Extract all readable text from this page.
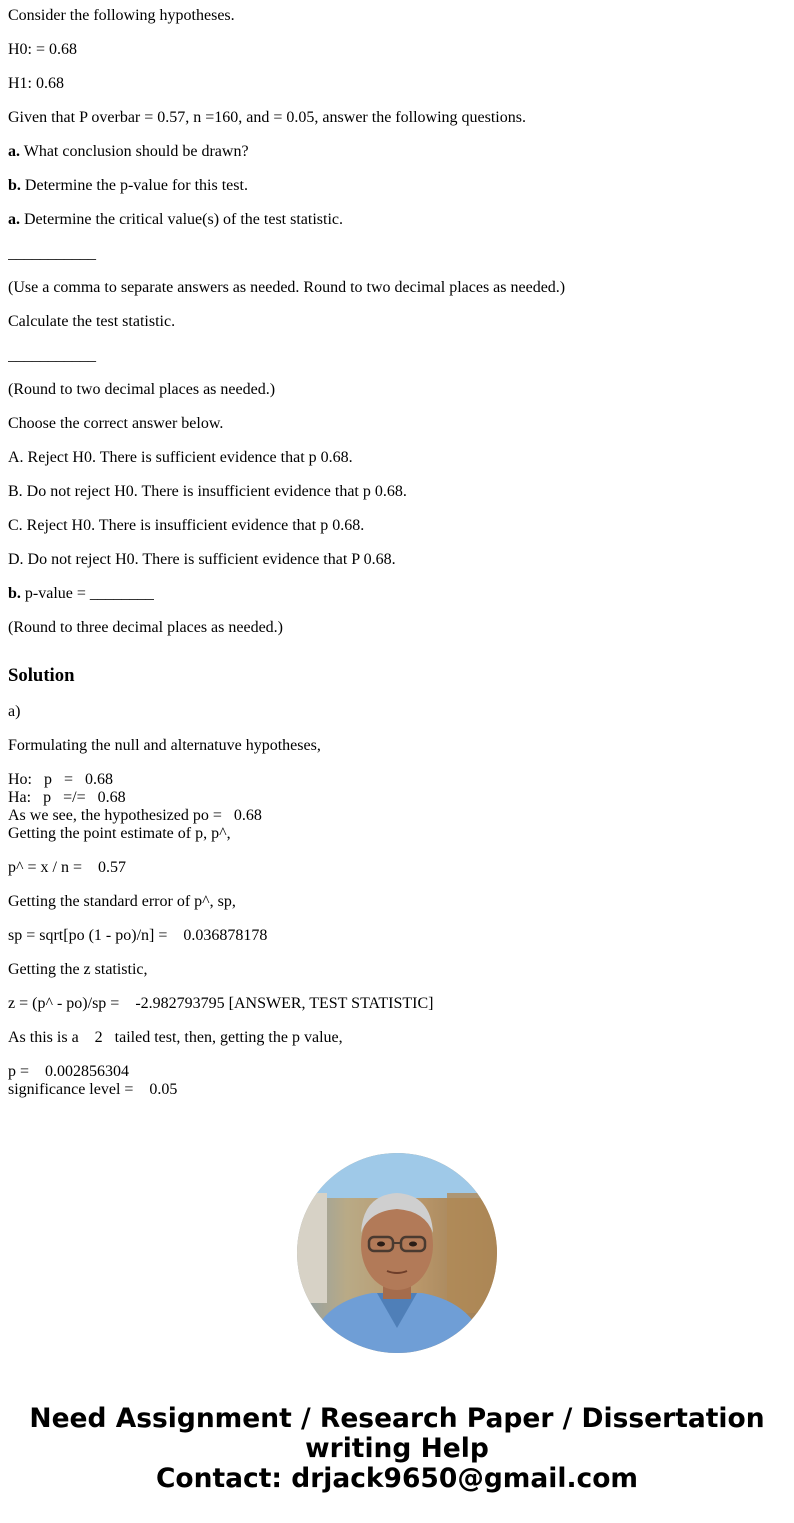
Consider the following hypotheses.

H0: = 0.68

H1: 0.68

Given that P overbar = 0.57, n =160, and = 0.05, answer the following questions.

a. What conclusion should be drawn?

b. Determine the p-value for this test.

a. Determine the critical value(s) of the test statistic.

___________

(Use a comma to separate answers as needed. Round to two decimal places as needed.)

Calculate the test statistic.

___________

(Round to two decimal places as needed.)

Choose the correct answer below.

A. Reject H0. There is sufficient evidence that p 0.68.

B. Do not reject H0. There is insufficient evidence that p 0.68.

C. Reject H0. There is insufficient evidence that p 0.68.

D. Do not reject H0. There is sufficient evidence that P 0.68.

b. p-value = ________

(Round to three decimal places as needed.)

Solution

a)

Formulating the null and alternatuve hypotheses,

Ho:   p   =   0.68
Ha:   p   =/=   0.68
As we see, the hypothesized po =   0.68
Getting the point estimate of p, p^,

p^ = x / n =    0.57

Getting the standard error of p^, sp,

sp = sqrt[po (1 - po)/n] =    0.036878178

Getting the z statistic,

z = (p^ - po)/sp =    -2.982793795 [ANSWER, TEST STATISTIC]

As this is a    2   tailed test, then, getting the p value,

p =    0.002856304
significance level =    0.05
Need Assignment / Research Paper / Dissertation
writing Help
Contact: drjack9650@gmail.com
